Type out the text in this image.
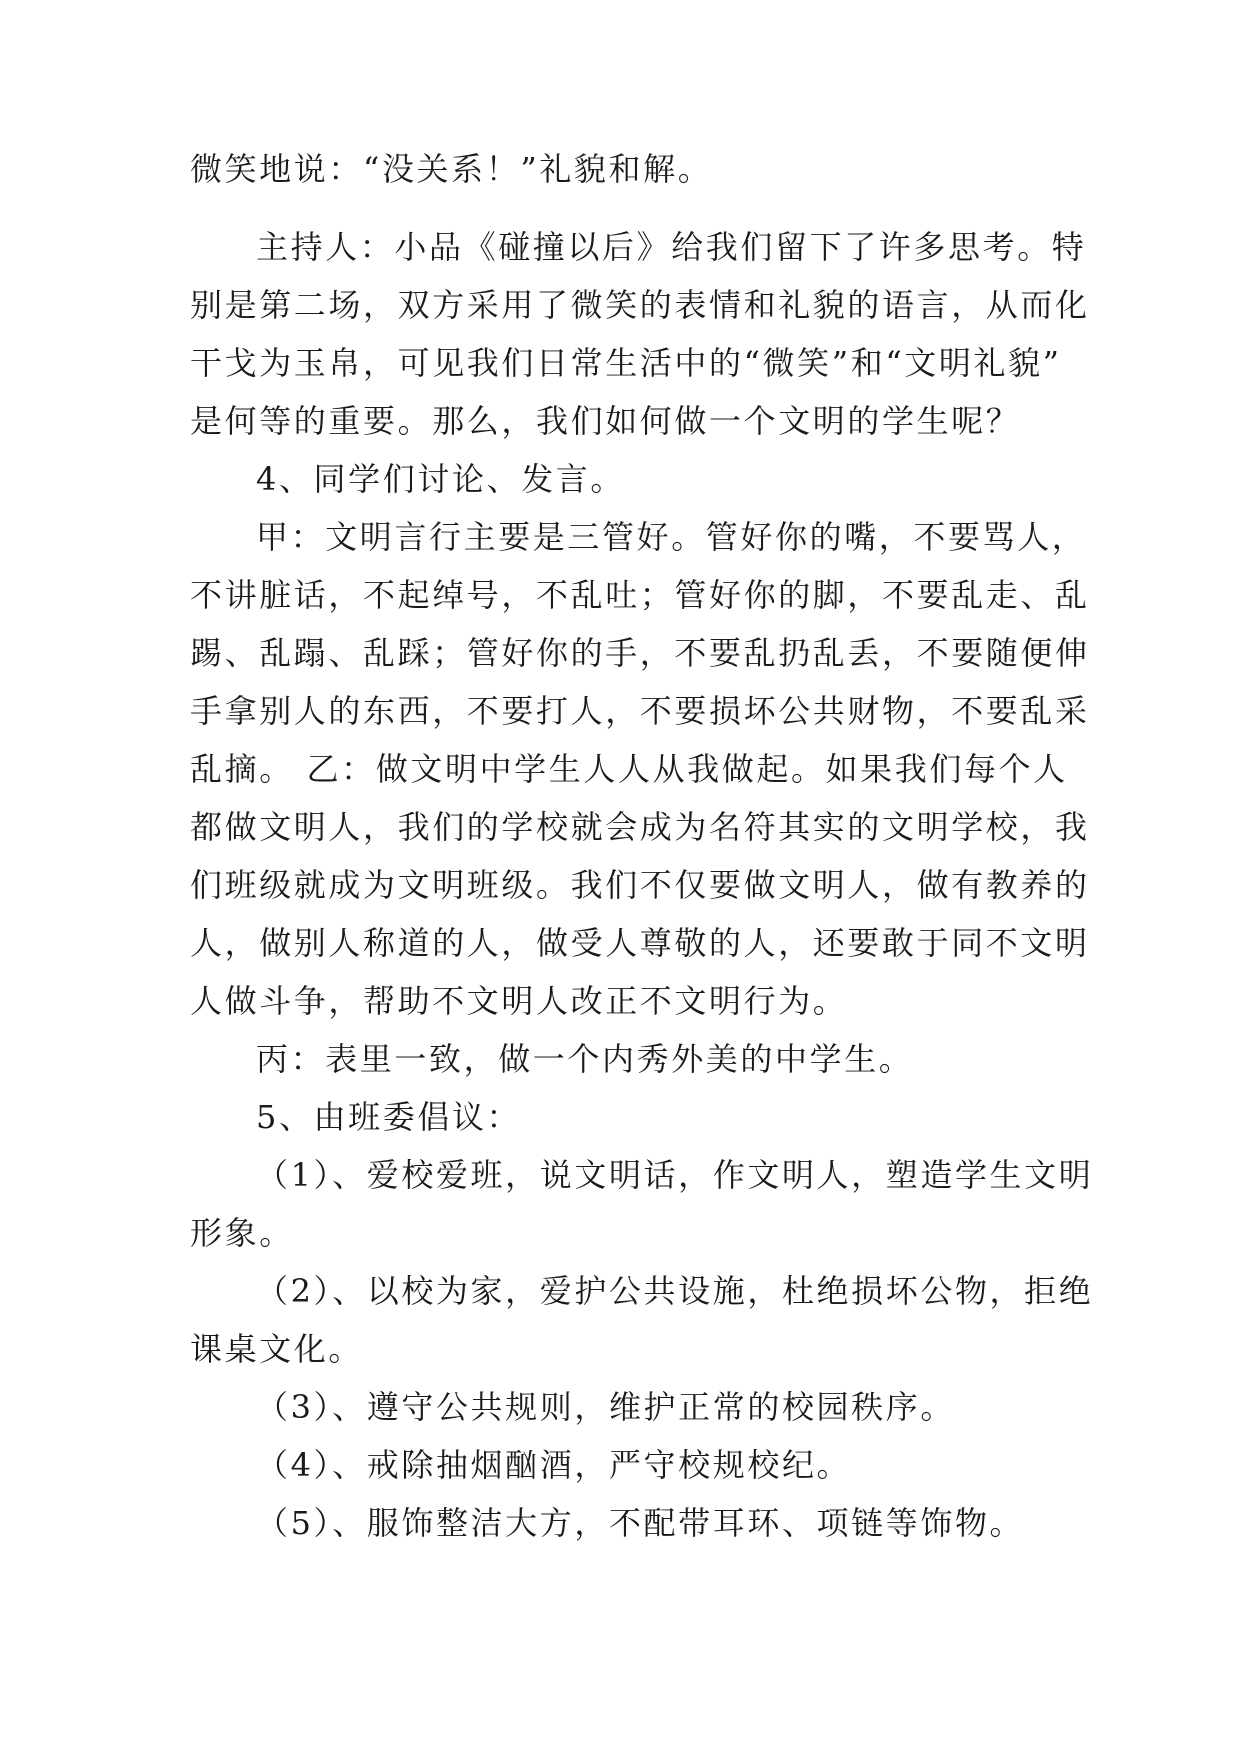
微笑地说：“没关系！”礼貌和解。

主持人：小品《碰撞以后》给我们留下了许多思考。特

别是第二场，双方采用了微笑的表情和礼貌的语言，从而化

干戈为玉帛，可见我们日常生活中的“微笑”和“文明礼貌”

是何等的重要。那么，我们如何做一个文明的学生呢？

4、同学们讨论、发言。

甲：文明言行主要是三管好。管好你的嘴，不要骂人，

不讲脏话，不起绰号，不乱吐；管好你的脚，不要乱走、乱

踢、乱蹋、乱踩；管好你的手，不要乱扔乱丢，不要随便伸

手拿别人的东西，不要打人，不要损坏公共财物，不要乱采

乱摘。 乙：做文明中学生人人从我做起。如果我们每个人

都做文明人，我们的学校就会成为名符其实的文明学校，我

们班级就成为文明班级。我们不仅要做文明人，做有教养的

人，做别人称道的人，做受人尊敬的人，还要敢于同不文明

人做斗争，帮助不文明人改正不文明行为。

丙：表里一致，做一个内秀外美的中学生。

5、由班委倡议：

（1）、爱校爱班，说文明话，作文明人，塑造学生文明

形象。

（2）、以校为家，爱护公共设施，杜绝损坏公物，拒绝

课桌文化。

（3）、遵守公共规则，维护正常的校园秩序。

（4）、戒除抽烟酗酒，严守校规校纪。

（5）、服饰整洁大方，不配带耳环、项链等饰物。
